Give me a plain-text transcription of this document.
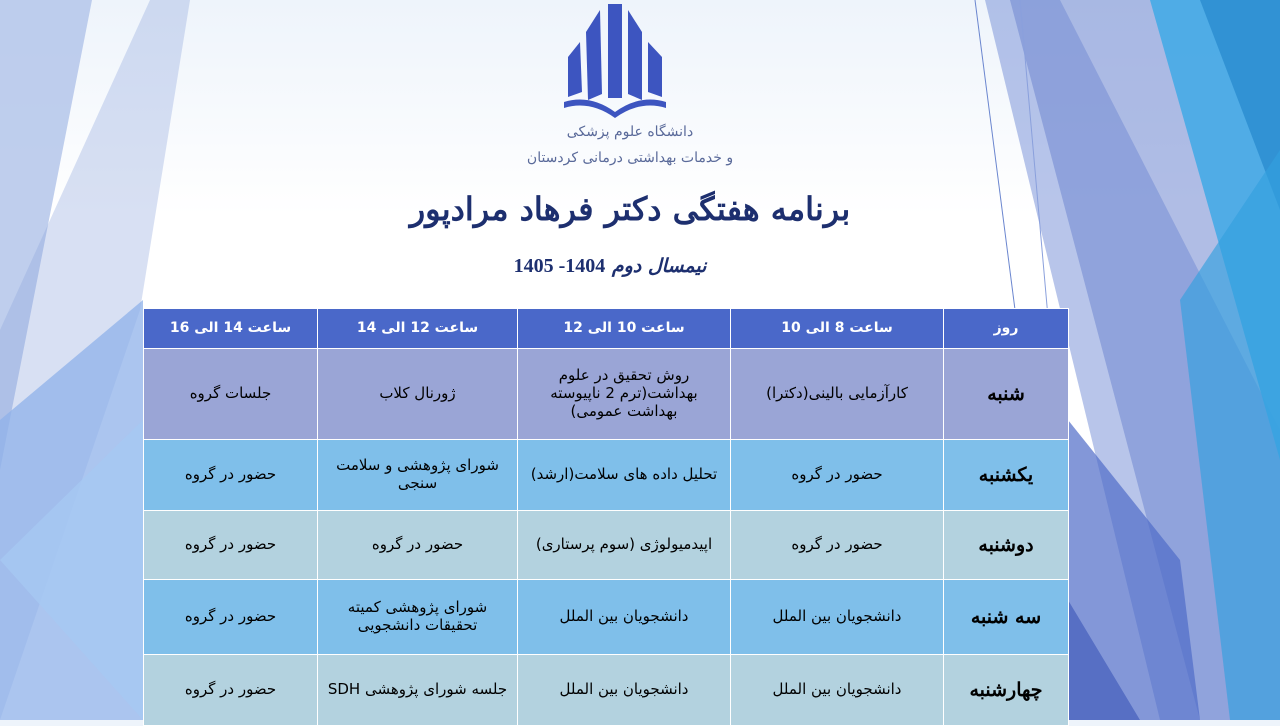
دانشگاه علوم پزشکی
و خدمات بهداشتی درمانی کردستان
برنامه هفتگی دکتر فرهاد مرادپور
نیمسال دوم 1404- 1405
روز	ساعت 8 الی 10	ساعت 10 الی 12	ساعت 12 الی 14	ساعت 14 الی 16
شنبه	کارآزمایی بالینی(دکترا)	روش تحقیق در علوم بهداشت(ترم 2 ناپیوسته بهداشت عمومی)	ژورنال کلاب	جلسات گروه
یکشنبه	حضور در گروه	تحلیل داده های سلامت(ارشد)	شورای پژوهشی و سلامت سنجی	حضور در گروه
دوشنبه	حضور در گروه	اپیدمیولوژی (سوم پرستاری)	حضور در گروه	حضور در گروه
سه شنبه	دانشجویان بین الملل	دانشجویان بین الملل	شورای پژوهشی کمیته تحقیقات دانشجویی	حضور در گروه
چهارشنبه	دانشجویان بین الملل	دانشجویان بین الملل	جلسه شورای پژوهشی SDH	حضور در گروه
